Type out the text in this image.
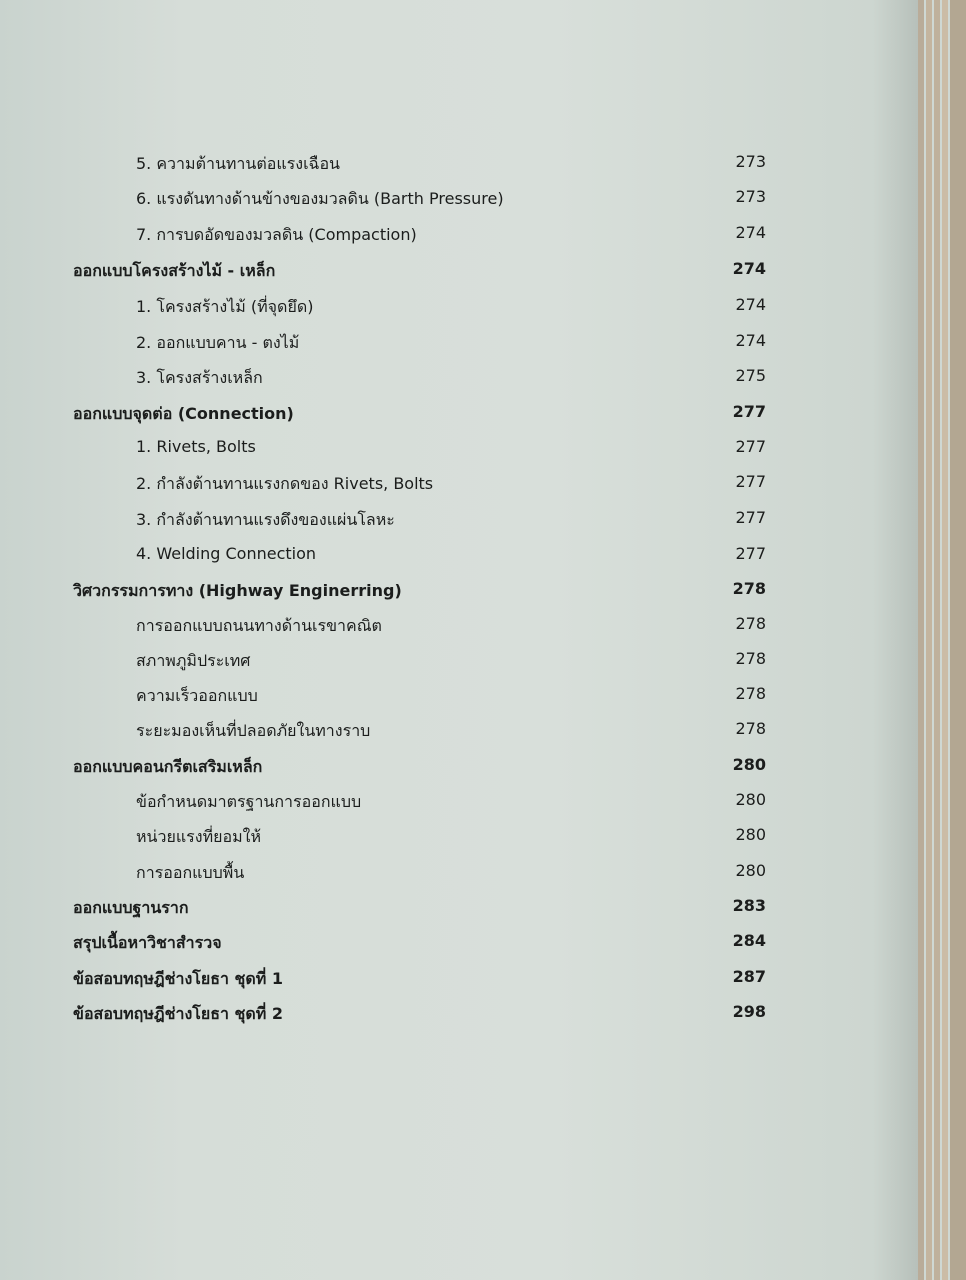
5. ความต้านทานต่อแรงเฉือน	273
6. แรงดันทางด้านข้างของมวลดิน (Barth Pressure)	273
7. การบดอัดของมวลดิน (Compaction)	274
ออกแบบโครงสร้างไม้ - เหล็ก	274
1. โครงสร้างไม้ (ที่จุดยึด)	274
2. ออกแบบคาน - ตงไม้	274
3. โครงสร้างเหล็ก	275
ออกแบบจุดต่อ (Connection)	277
1. Rivets, Bolts	277
2. กำลังต้านทานแรงกดของ Rivets, Bolts	277
3. กำลังต้านทานแรงดึงของแผ่นโลหะ	277
4. Welding Connection	277
วิศวกรรมการทาง (Highway Enginerring)	278
การออกแบบถนนทางด้านเรขาคณิต	278
สภาพภูมิประเทศ	278
ความเร็วออกแบบ	278
ระยะมองเห็นที่ปลอดภัยในทางราบ	278
ออกแบบคอนกรีตเสริมเหล็ก	280
ข้อกำหนดมาตรฐานการออกแบบ	280
หน่วยแรงที่ยอมให้	280
การออกแบบพื้น	280
ออกแบบฐานราก	283
สรุปเนื้อหาวิชาสำรวจ	284
ข้อสอบทฤษฎีช่างโยธา ชุดที่ 1	287
ข้อสอบทฤษฎีช่างโยธา ชุดที่ 2	298
